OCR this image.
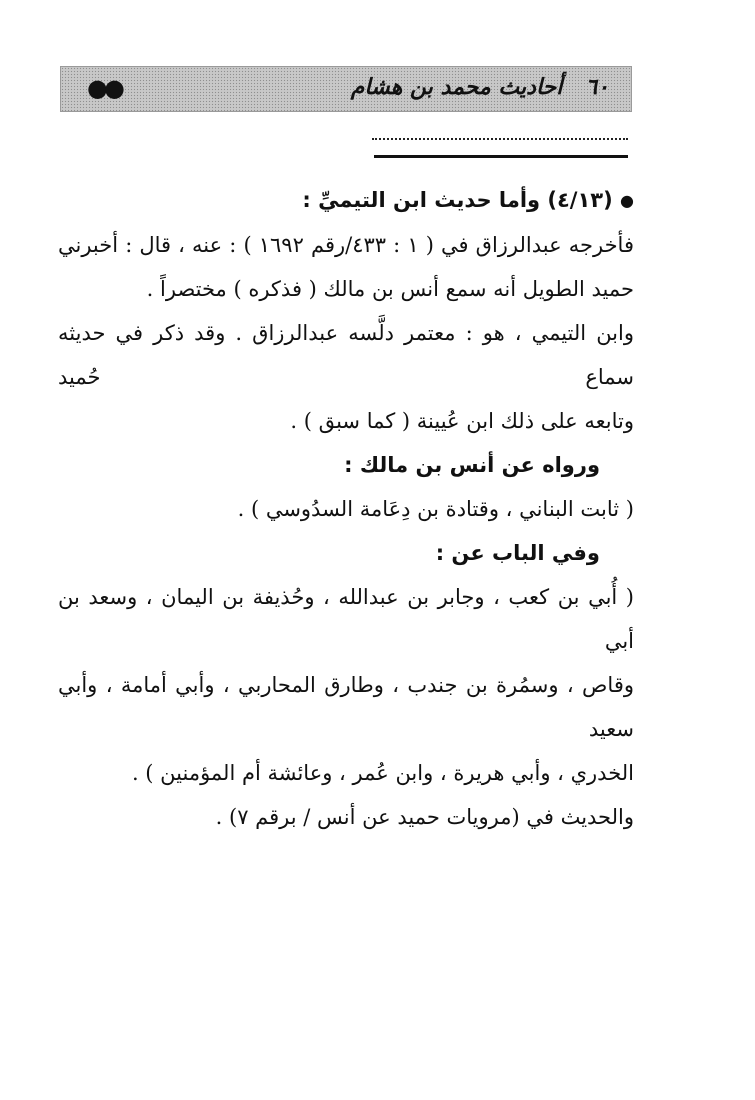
٦٠   أحاديث محمد بن هشام
●●

● (٤/١٣) وأما حديث ابن التيميِّ :

فأخرجه عبدالرزاق في ( ١ : ٤٣٣/رقم ١٦٩٢ ) : عنه ، قال : أخبرني

حميد الطويل أنه سمع أنس بن مالك ( فذكره ) مختصراً .

وابن التيمي ، هو : معتمر دلَّسه عبدالرزاق . وقد ذكر في حديثه سماع حُميد

وتابعه على ذلك ابن عُيينة ( كما سبق ) .

ورواه عن أنس بن مالك :

( ثابت البناني ، وقتادة بن دِعَامة السدُوسي ) .

وفي الباب عن :

( أُبي بن كعب ، وجابر بن عبدالله ، وحُذيفة بن اليمان ، وسعد بن أبي

وقاص ، وسمُرة بن جندب ، وطارق المحاربي ، وأبي أمامة ، وأبي سعيد

الخدري ، وأبي هريرة ، وابن عُمر ، وعائشة أم المؤمنين ) .

والحديث في (مرويات حميد عن أنس / برقم ٧) .
